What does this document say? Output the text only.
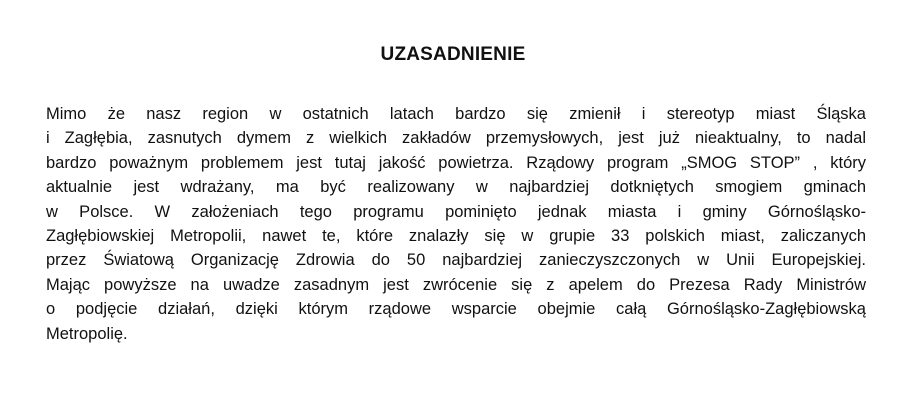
UZASADNIENIE
Mimo że nasz region w ostatnich latach bardzo się zmienił i stereotyp miast Śląska
i Zagłębia, zasnutych dymem z wielkich zakładów przemysłowych, jest już nieaktualny, to nadal
bardzo poważnym problemem jest tutaj jakość powietrza. Rządowy program „SMOG STOP” , który
aktualnie jest wdrażany, ma być realizowany w najbardziej dotkniętych smogiem gminach
w Polsce. W założeniach tego programu pominięto jednak miasta i gminy Górnośląsko-
Zagłębiowskiej Metropolii, nawet te, które znalazły się w grupie 33 polskich miast, zaliczanych
przez Światową Organizację Zdrowia do 50 najbardziej zanieczyszczonych w Unii Europejskiej.
Mając powyższe na uwadze zasadnym jest zwrócenie się z apelem do Prezesa Rady Ministrów
o podjęcie działań, dzięki którym rządowe wsparcie obejmie całą Górnośląsko-Zagłębiowską
Metropolię.
